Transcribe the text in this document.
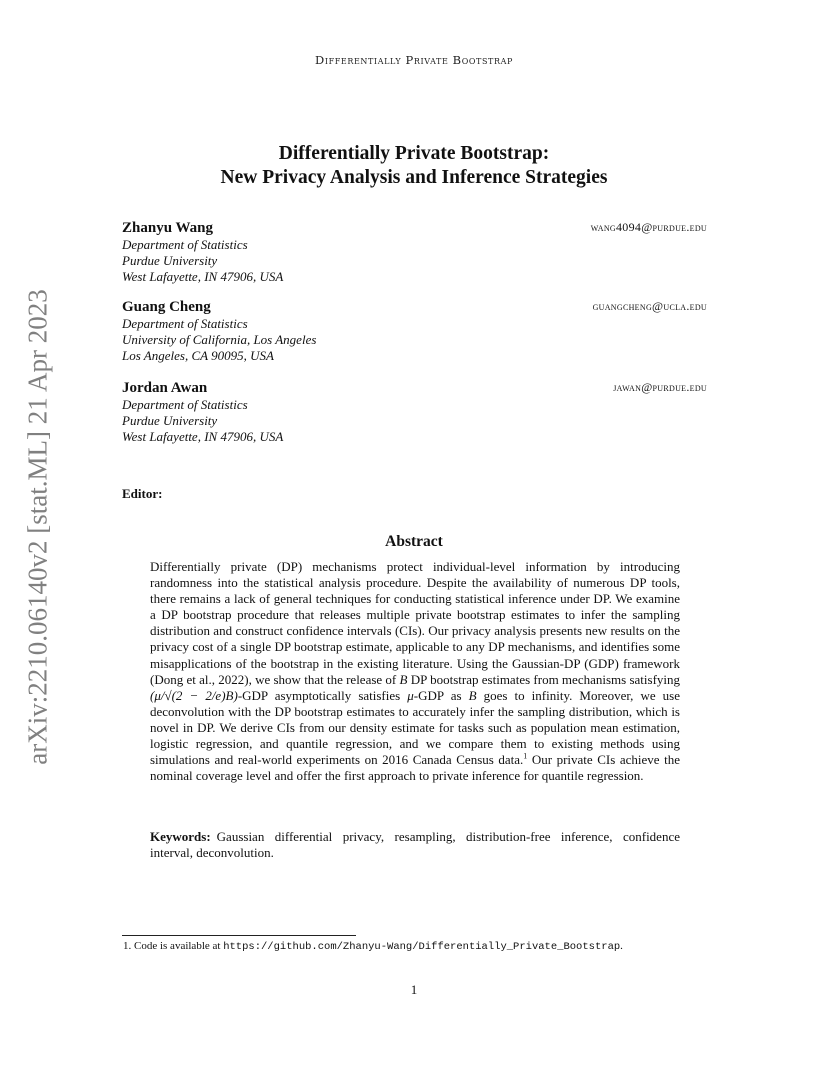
Differentially Private Bootstrap
arXiv:2210.06140v2 [stat.ML] 21 Apr 2023
Differentially Private Bootstrap:
New Privacy Analysis and Inference Strategies
Zhanyu Wang	wang4094@purdue.edu
Department of Statistics
Purdue University
West Lafayette, IN 47906, USA
Guang Cheng	guangcheng@ucla.edu
Department of Statistics
University of California, Los Angeles
Los Angeles, CA 90095, USA
Jordan Awan	jawan@purdue.edu
Department of Statistics
Purdue University
West Lafayette, IN 47906, USA
Editor:
Abstract
Differentially private (DP) mechanisms protect individual-level information by introducing randomness into the statistical analysis procedure. Despite the availability of numerous DP tools, there remains a lack of general techniques for conducting statistical inference under DP. We examine a DP bootstrap procedure that releases multiple private bootstrap estimates to infer the sampling distribution and construct confidence intervals (CIs). Our privacy analysis presents new results on the privacy cost of a single DP bootstrap estimate, applicable to any DP mechanisms, and identifies some misapplications of the bootstrap in the existing literature. Using the Gaussian-DP (GDP) framework (Dong et al., 2022), we show that the release of B DP bootstrap estimates from mechanisms satisfying (μ/√(2 − 2/e)B)-GDP asymptotically satisfies μ-GDP as B goes to infinity. Moreover, we use deconvolution with the DP bootstrap estimates to accurately infer the sampling distribution, which is novel in DP. We derive CIs from our density estimate for tasks such as population mean estimation, logistic regression, and quantile regression, and we compare them to existing methods using simulations and real-world experiments on 2016 Canada Census data.$^1$ Our private CIs achieve the nominal coverage level and offer the first approach to private inference for quantile regression.
Keywords: Gaussian differential privacy, resampling, distribution-free inference, confidence interval, deconvolution.
1. Code is available at https://github.com/Zhanyu-Wang/Differentially_Private_Bootstrap.
1
